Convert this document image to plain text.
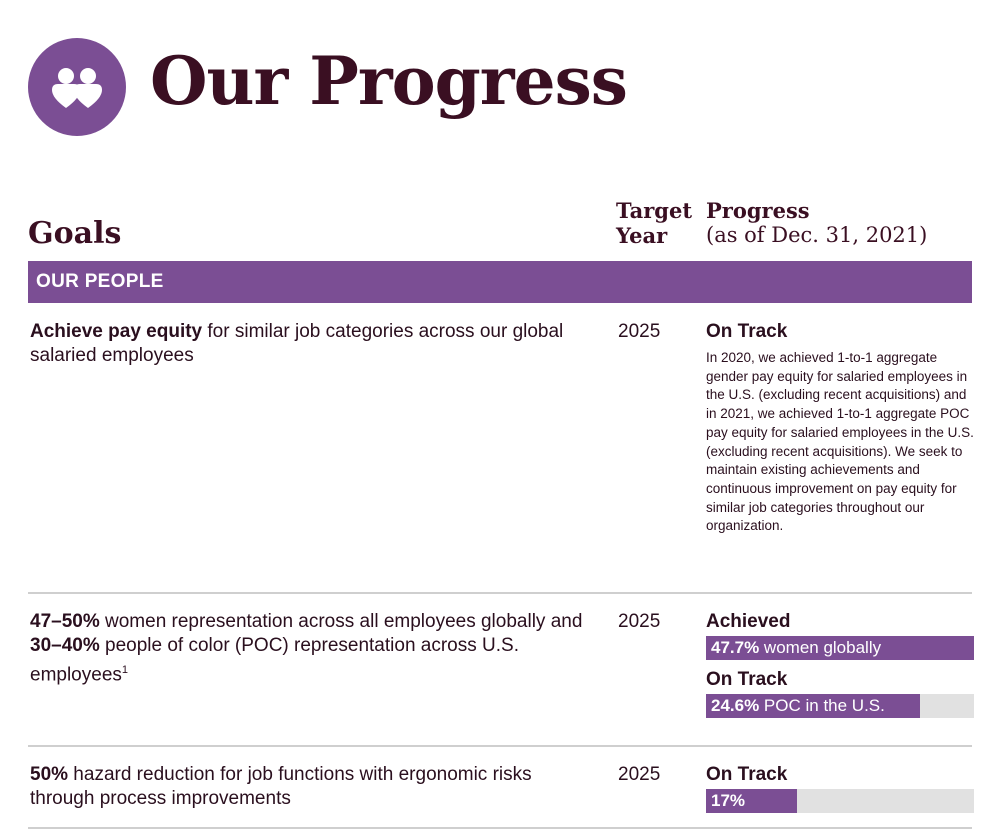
Our Progress
Goals
Target
Year
Progress
(as of Dec. 31, 2021)
OUR PEOPLE
Achieve pay equity for similar job categories across our global salaried employees
2025 On Track
In 2020, we achieved 1-to-1 aggregate gender pay equity for salaried employees in the U.S. (excluding recent acquisitions) and in 2021, we achieved 1-to-1 aggregate POC pay equity for salaried employees in the U.S. (excluding recent acquisitions). We seek to maintain existing achievements and continuous improvement on pay equity for similar job categories throughout our organization.
47–50% women representation across all employees globally and 30–40% people of color (POC) representation across U.S. employees$^1$
2025 Achieved
47.7% women globally
On Track
24.6% POC in the U.S.
50% hazard reduction for job functions with ergonomic risks through process improvements
2025 On Track
17%
